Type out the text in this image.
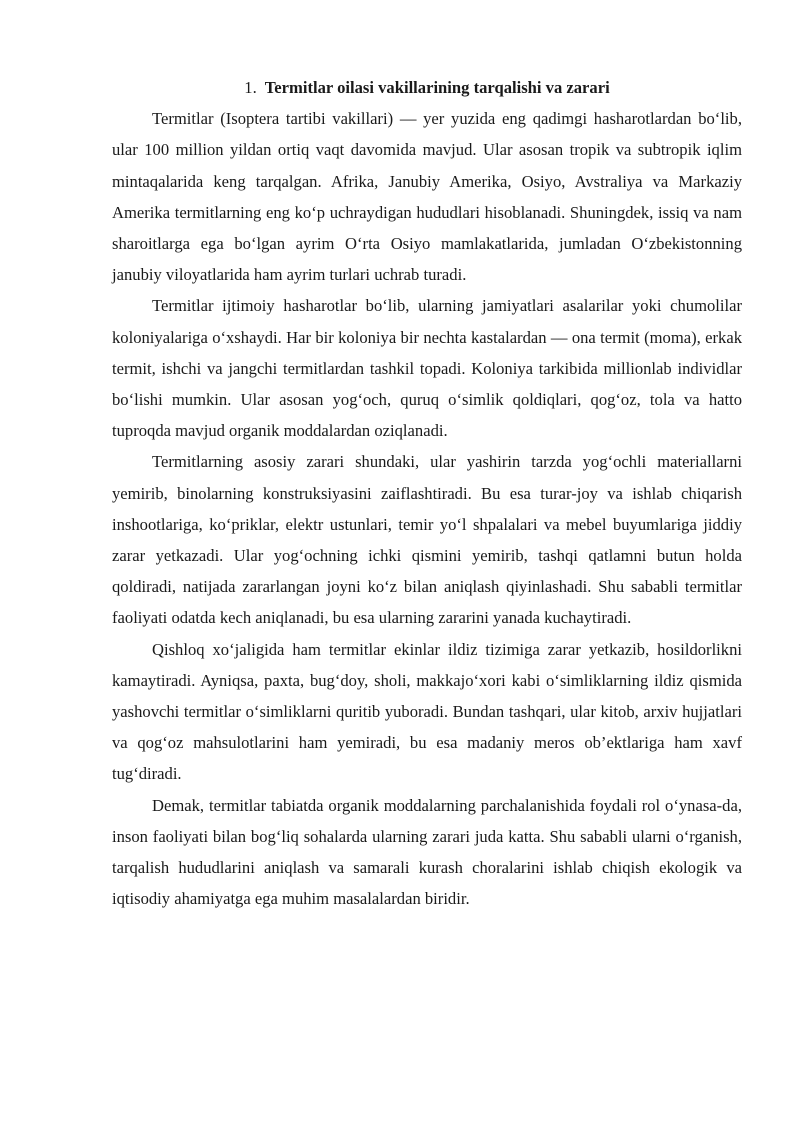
1. Termitlar oilasi vakillarining tarqalishi va zarari

Termitlar (Isoptera tartibi vakillari) — yer yuzida eng qadimgi hasharotlardan bo‘lib, ular 100 million yildan ortiq vaqt davomida mavjud. Ular asosan tropik va subtropik iqlim mintaqalarida keng tarqalgan. Afrika, Janubiy Amerika, Osiyo, Avstraliya va Markaziy Amerika termitlarning eng ko‘p uchraydigan hududlari hisoblanadi. Shuningdek, issiq va nam sharoitlarga ega bo‘lgan ayrim O‘rta Osiyo mamlakatlarida, jumladan O‘zbekistonning janubiy viloyatlarida ham ayrim turlari uchrab turadi.

Termitlar ijtimoiy hasharotlar bo‘lib, ularning jamiyatlari asalarilar yoki chumolilar koloniyalariga o‘xshaydi. Har bir koloniya bir nechta kastalardan — ona termit (moma), erkak termit, ishchi va jangchi termitlardan tashkil topadi. Koloniya tarkibida millionlab individlar bo‘lishi mumkin. Ular asosan yog‘och, quruq o‘simlik qoldiqlari, qog‘oz, tola va hatto tuproqda mavjud organik moddalardan oziqlanadi.

Termitlarning asosiy zarari shundaki, ular yashirin tarzda yog‘ochli materiallarni yemirib, binolarning konstruksiyasini zaiflashtiradi. Bu esa turar-joy va ishlab chiqarish inshootlariga, ko‘priklar, elektr ustunlari, temir yo‘l shpalalari va mebel buyumlariga jiddiy zarar yetkazadi. Ular yog‘ochning ichki qismini yemirib, tashqi qatlamni butun holda qoldiradi, natijada zararlangan joyni ko‘z bilan aniqlash qiyinlashadi. Shu sababli termitlar faoliyati odatda kech aniqlanadi, bu esa ularning zararini yanada kuchaytiradi.

Qishloq xo‘jaligida ham termitlar ekinlar ildiz tizimiga zarar yetkazib, hosildorlikni kamaytiradi. Ayniqsa, paxta, bug‘doy, sholi, makkajo‘xori kabi o‘simliklarning ildiz qismida yashovchi termitlar o‘simliklarni quritib yuboradi. Bundan tashqari, ular kitob, arxiv hujjatlari va qog‘oz mahsulotlarini ham yemiradi, bu esa madaniy meros ob’ektlariga ham xavf tug‘diradi.

Demak, termitlar tabiatda organik moddalarning parchalanishida foydali rol o‘ynasa-da, inson faoliyati bilan bog‘liq sohalarda ularning zarari juda katta. Shu sababli ularni o‘rganish, tarqalish hududlarini aniqlash va samarali kurash choralarini ishlab chiqish ekologik va iqtisodiy ahamiyatga ega muhim masalalardan biridir.
